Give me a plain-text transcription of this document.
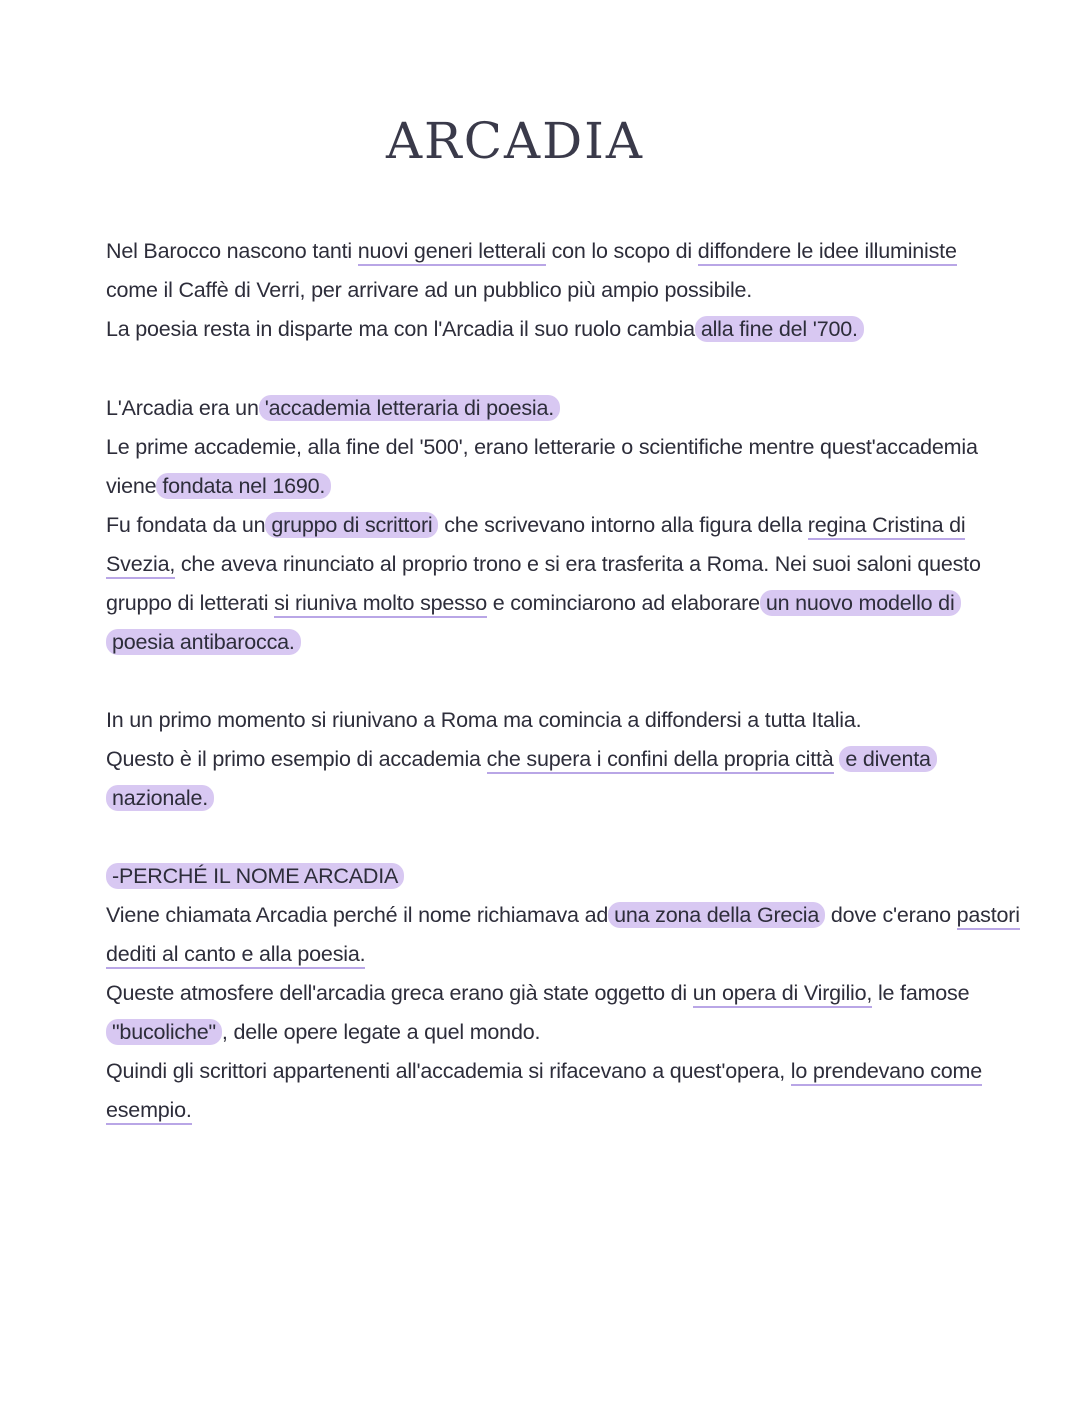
ARCADIA
Nel Barocco nascono tanti nuovi generi letterali con lo scopo di diffondere le idee illuministe
come il Caffè di Verri, per arrivare ad un pubblico più ampio possibile.
La poesia resta in disparte ma con l'Arcadia il suo ruolo cambia alla fine del '700.
L'Arcadia era un 'accademia letteraria di poesia.
Le prime accademie, alla fine del '500', erano letterarie o scientifiche mentre quest'accademia
viene fondata nel 1690.
Fu fondata da un gruppo di scrittori che scrivevano intorno alla figura della regina Cristina di
Svezia, che aveva rinunciato al proprio trono e si era trasferita a Roma. Nei suoi saloni questo
gruppo di letterati si riuniva molto spesso e cominciarono ad elaborare un nuovo modello di
poesia antibarocca.
In un primo momento si riunivano a Roma ma comincia a diffondersi a tutta Italia.
Questo è il primo esempio di accademia che supera i confini della propria città e diventa
nazionale.
-PERCHÉ IL NOME ARCADIA
Viene chiamata Arcadia perché il nome richiamava ad una zona della Grecia dove c'erano pastori
dediti al canto e alla poesia.
Queste atmosfere dell'arcadia greca erano già state oggetto di un opera di Virgilio, le famose
"bucoliche" , delle opere legate a quel mondo.
Quindi gli scrittori appartenenti all'accademia si rifacevano a quest'opera, lo prendevano come
esempio.
